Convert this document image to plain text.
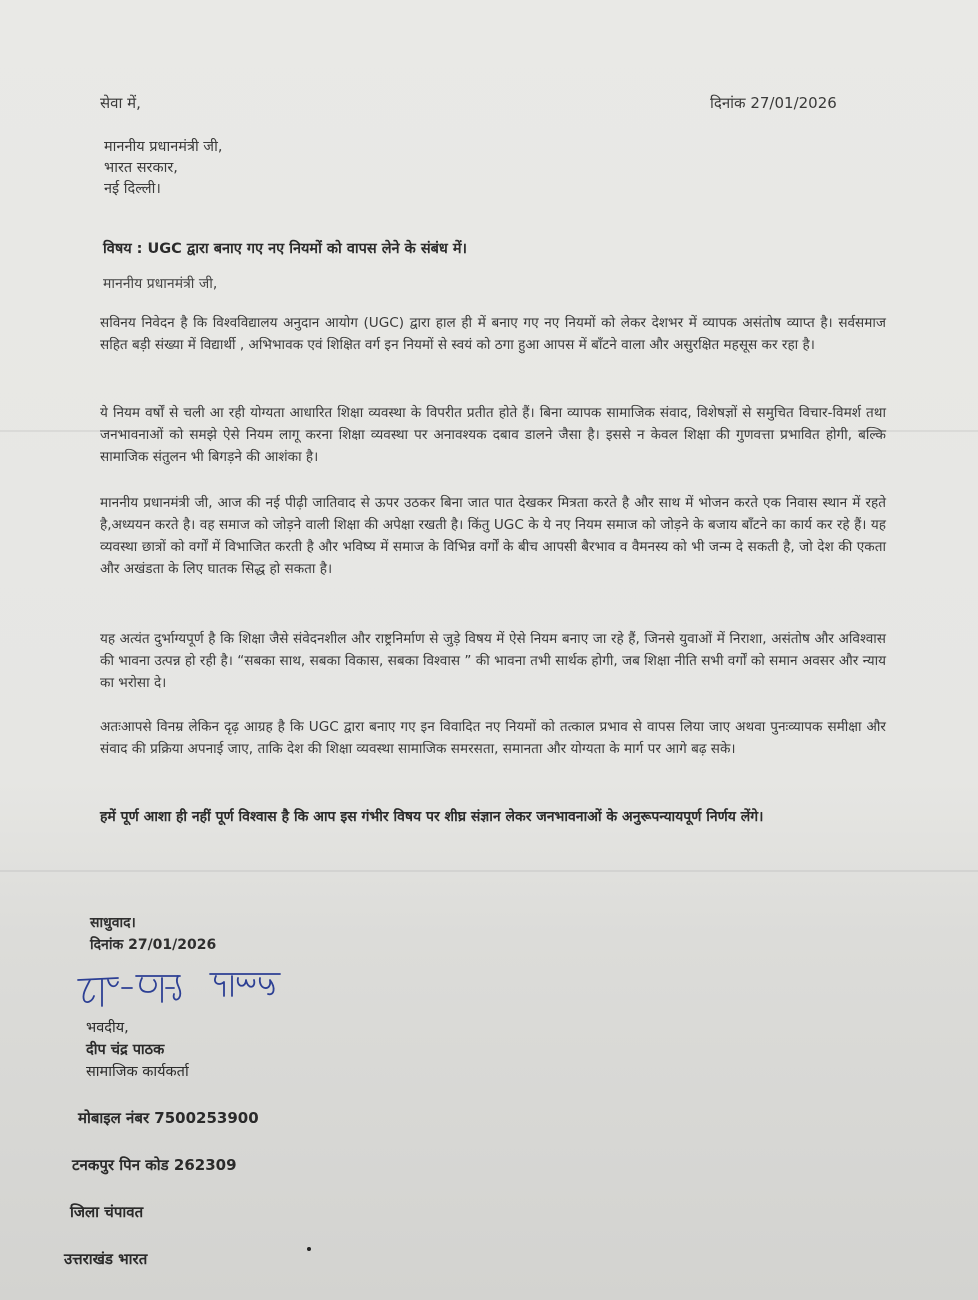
सेवा में,	दिनांक 27/01/2026
माननीय प्रधानमंत्री जी,
भारत सरकार,
नई दिल्ली।
विषय : UGC द्वारा बनाए गए नए नियमों को वापस लेने के संबंध में।
माननीय प्रधानमंत्री जी,
सविनय निवेदन है कि विश्वविद्यालय अनुदान आयोग (UGC) द्वारा हाल ही में बनाए गए नए नियमों को लेकर देशभर में व्यापक असंतोष व्याप्त है। सर्वसमाज सहित बड़ी संख्या में विद्यार्थी , अभिभावक एवं शिक्षित वर्ग इन नियमों से स्वयं को ठगा हुआ आपस में बाँटने वाला और असुरक्षित महसूस कर रहा है।
ये नियम वर्षों से चली आ रही योग्यता आधारित शिक्षा व्यवस्था के विपरीत प्रतीत होते हैं। बिना व्यापक सामाजिक संवाद, विशेषज्ञों से समुचित विचार-विमर्श तथा जनभावनाओं को समझे ऐसे नियम लागू करना शिक्षा व्यवस्था पर अनावश्यक दबाव डालने जैसा है। इससे न केवल शिक्षा की गुणवत्ता प्रभावित होगी, बल्कि सामाजिक संतुलन भी बिगड़ने की आशंका है।
माननीय प्रधानमंत्री जी, आज की नई पीढ़ी जातिवाद से ऊपर उठकर बिना जात पात देखकर मित्रता करते है और साथ में भोजन करते एक निवास स्थान में रहते है,अध्ययन करते है। वह समाज को जोड़ने वाली शिक्षा की अपेक्षा रखती है। किंतु UGC के ये नए नियम समाज को जोड़ने के बजाय बाँटने का कार्य कर रहे हैं। यह व्यवस्था छात्रों को वर्गों में विभाजित करती है और भविष्य में समाज के विभिन्न वर्गों के बीच आपसी बैरभाव व वैमनस्य को भी जन्म दे सकती है, जो देश की एकता और अखंडता के लिए घातक सिद्ध हो सकता है।
यह अत्यंत दुर्भाग्यपूर्ण है कि शिक्षा जैसे संवेदनशील और राष्ट्रनिर्माण से जुड़े विषय में ऐसे नियम बनाए जा रहे हैं, जिनसे युवाओं में निराशा, असंतोष और अविश्वास की भावना उत्पन्न हो रही है। “सबका साथ, सबका विकास, सबका विश्वास ” की भावना तभी सार्थक होगी, जब शिक्षा नीति सभी वर्गों को समान अवसर और न्याय का भरोसा दे।
अतःआपसे विनम्र लेकिन दृढ़ आग्रह है कि UGC द्वारा बनाए गए इन विवादित नए नियमों को तत्काल प्रभाव से वापस लिया जाए अथवा पुनःव्यापक समीक्षा और संवाद की प्रक्रिया अपनाई जाए, ताकि देश की शिक्षा व्यवस्था सामाजिक समरसता, समानता और योग्यता के मार्ग पर आगे बढ़ सके।
हमें पूर्ण आशा ही नहीं पूर्ण विश्वास है कि आप इस गंभीर विषय पर शीघ्र संज्ञान लेकर जनभावनाओं के अनुरूपन्यायपूर्ण निर्णय लेंगे।
साधुवाद।
दिनांक 27/01/2026
भवदीय,
दीप चंद्र पाठक
सामाजिक कार्यकर्ता
मोबाइल नंबर 7500253900
टनकपुर पिन कोड 262309
जिला चंपावत
उत्तराखंड भारत
